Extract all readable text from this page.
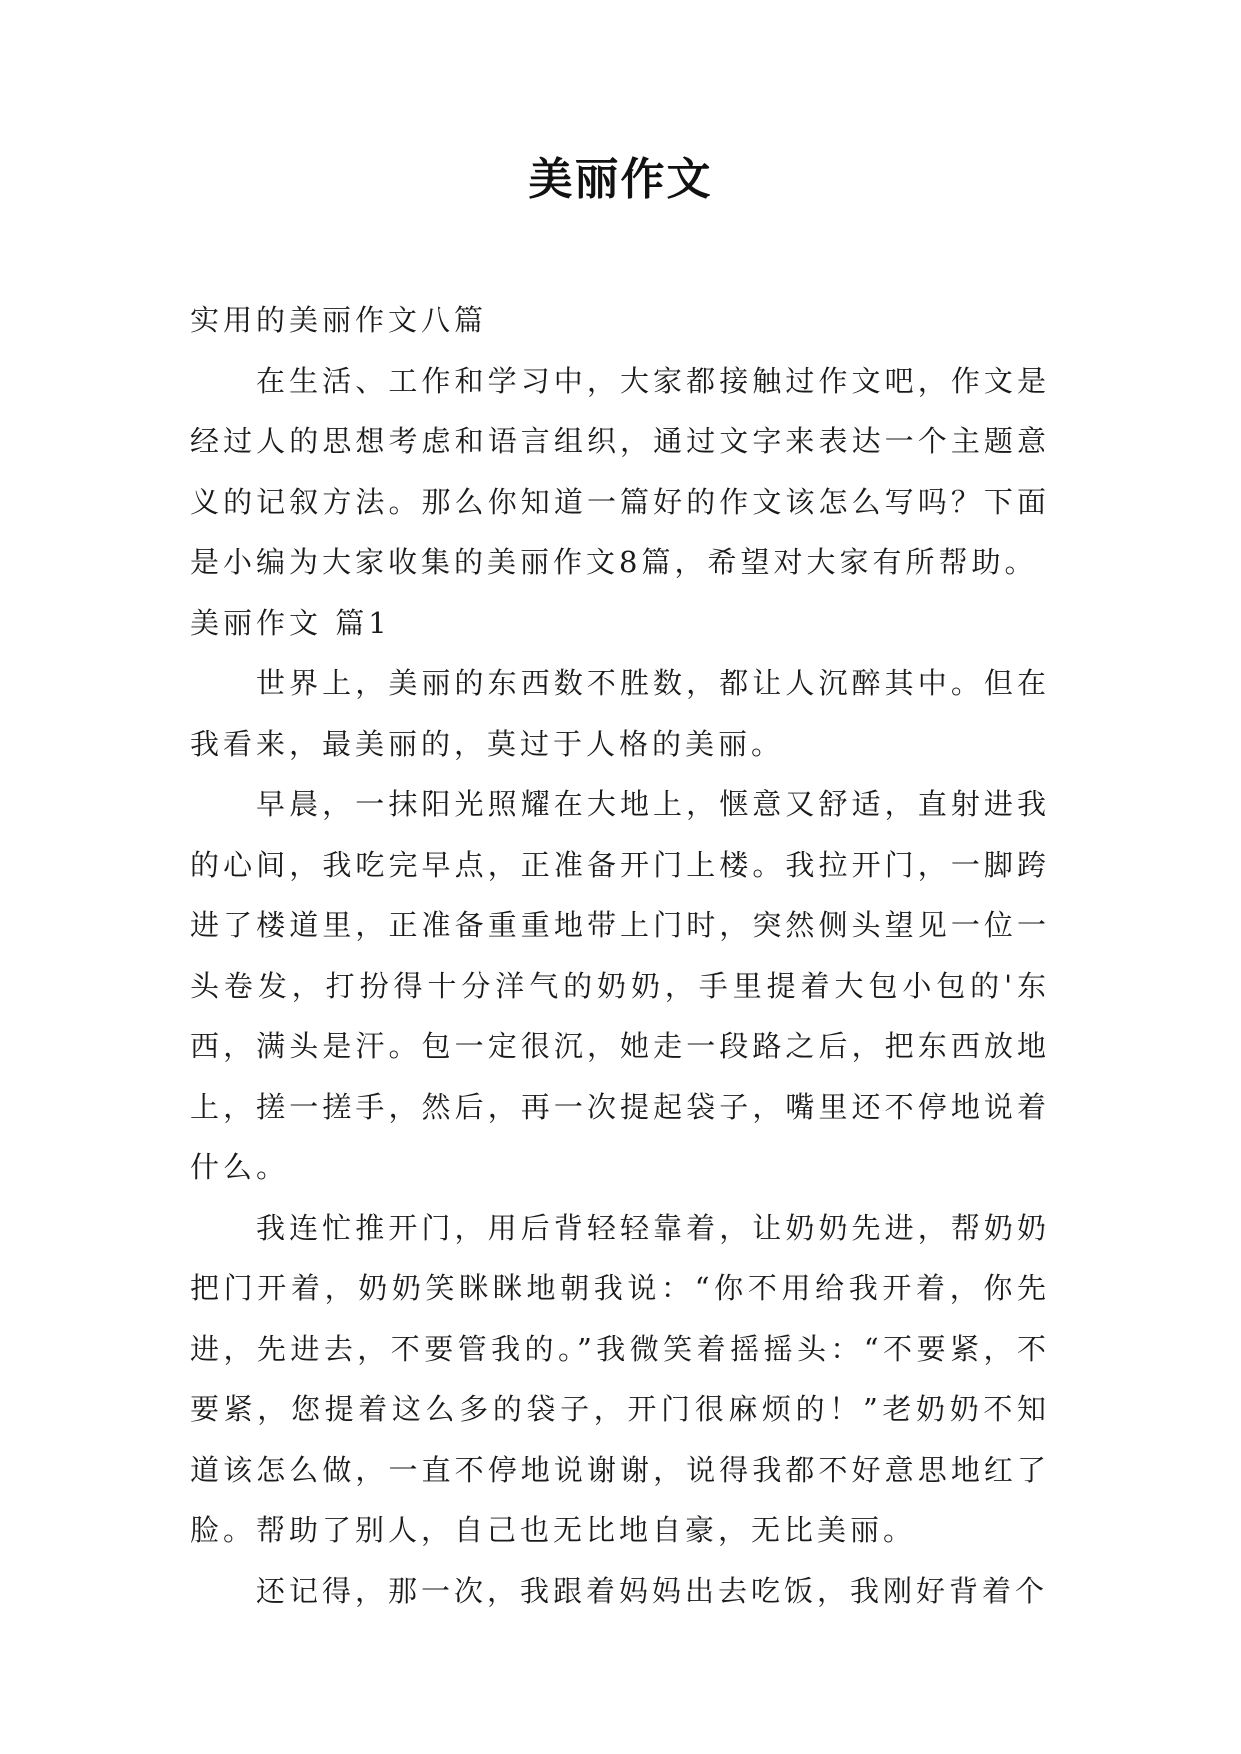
美丽作文

实用的美丽作文八篇

在生活、工作和学习中，大家都接触过作文吧，作文是经过人的思想考虑和语言组织，通过文字来表达一个主题意义的记叙方法。那么你知道一篇好的作文该怎么写吗？下面是小编为大家收集的美丽作文8篇，希望对大家有所帮助。

美丽作文 篇1

世界上，美丽的东西数不胜数，都让人沉醉其中。但在我看来，最美丽的，莫过于人格的美丽。

早晨，一抹阳光照耀在大地上，惬意又舒适，直射进我的心间，我吃完早点，正准备开门上楼。我拉开门，一脚跨进了楼道里，正准备重重地带上门时，突然侧头望见一位一头卷发，打扮得十分洋气的奶奶，手里提着大包小包的'东西，满头是汗。包一定很沉，她走一段路之后，把东西放地上，搓一搓手，然后，再一次提起袋子，嘴里还不停地说着什么。

我连忙推开门，用后背轻轻靠着，让奶奶先进，帮奶奶把门开着，奶奶笑眯眯地朝我说：“你不用给我开着，你先进，先进去，不要管我的。”我微笑着摇摇头：“不要紧，不要紧，您提着这么多的袋子，开门很麻烦的！”老奶奶不知道该怎么做，一直不停地说谢谢，说得我都不好意思地红了脸。帮助了别人，自己也无比地自豪，无比美丽。

还记得，那一次，我跟着妈妈出去吃饭，我刚好背着个
